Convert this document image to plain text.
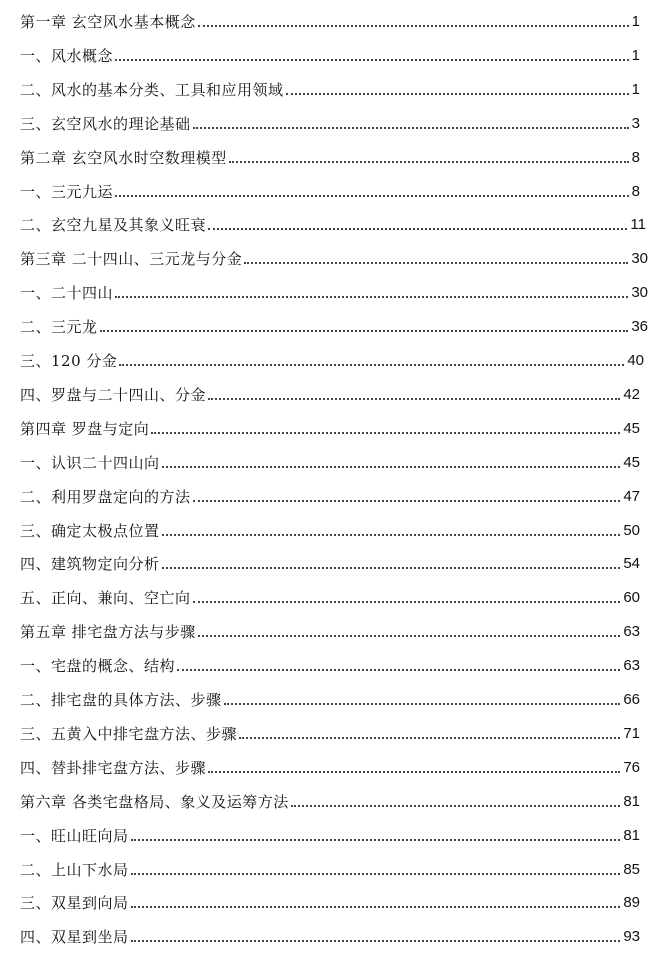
第一章 玄空风水基本概念	1
一、风水概念	1
二、风水的基本分类、工具和应用领域	1
三、玄空风水的理论基础	3
第二章 玄空风水时空数理模型	8
一、三元九运	8
二、玄空九星及其象义旺衰	11
第三章 二十四山、三元龙与分金	30
一、二十四山	30
二、三元龙	36
三、120 分金	40
四、罗盘与二十四山、分金	42
第四章 罗盘与定向	45
一、认识二十四山向	45
二、利用罗盘定向的方法	47
三、确定太极点位置	50
四、建筑物定向分析	54
五、正向、兼向、空亡向	60
第五章 排宅盘方法与步骤	63
一、宅盘的概念、结构	63
二、排宅盘的具体方法、步骤	66
三、五黄入中排宅盘方法、步骤	71
四、替卦排宅盘方法、步骤	76
第六章 各类宅盘格局、象义及运筹方法	81
一、旺山旺向局	81
二、上山下水局	85
三、双星到向局	89
四、双星到坐局	93
